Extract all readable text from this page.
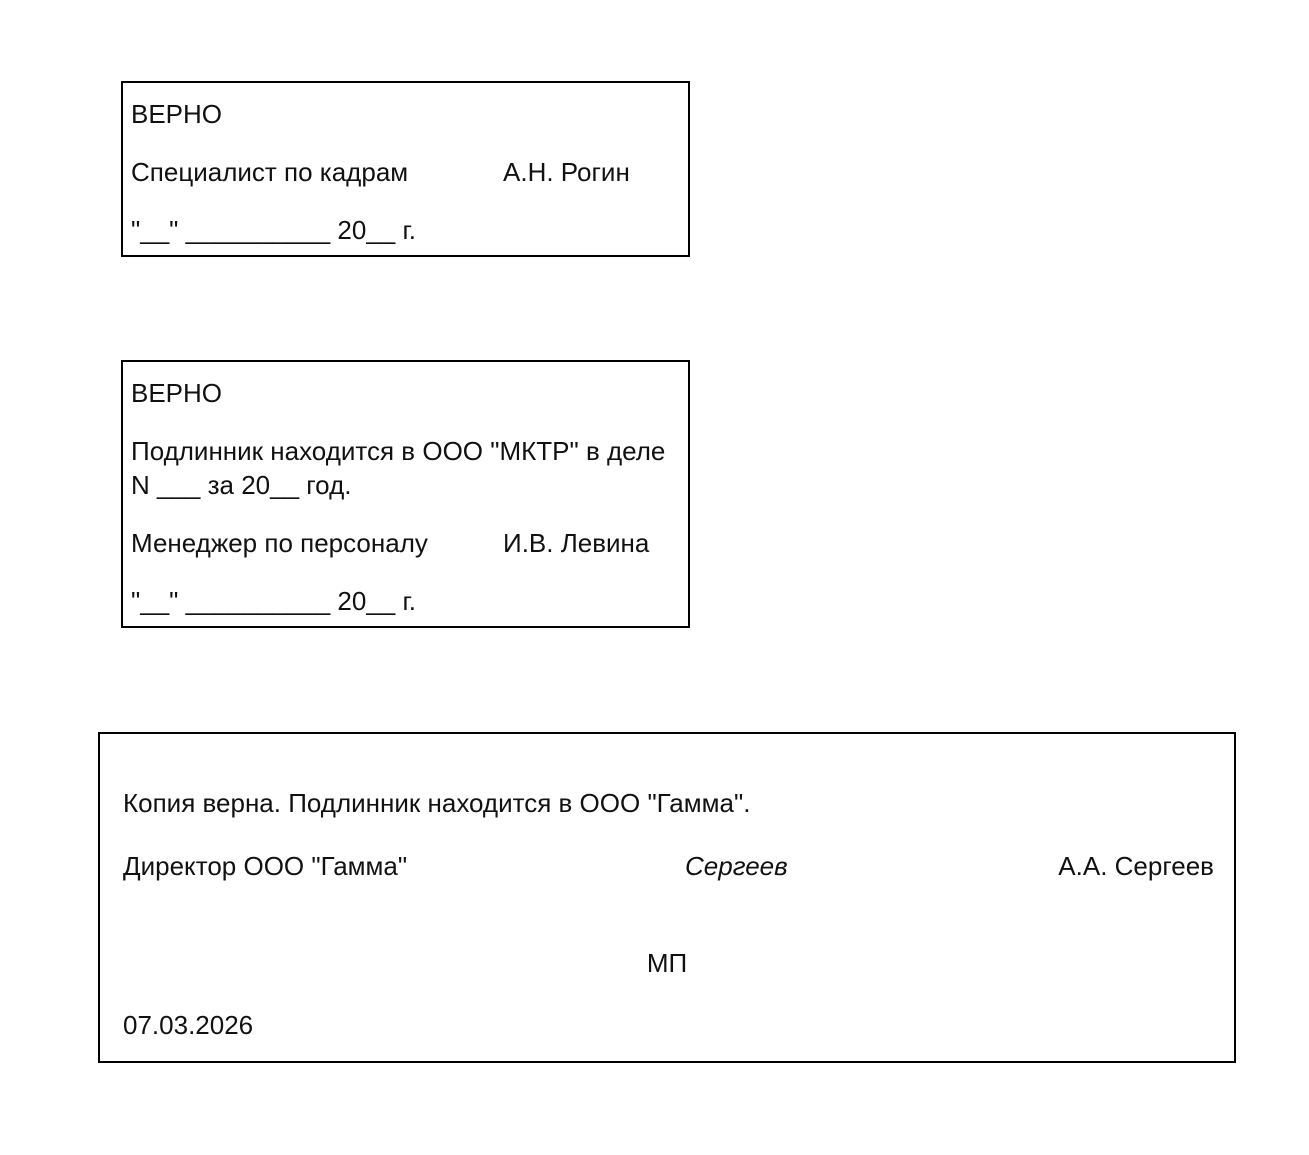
ВЕРНО
Специалист по кадрам	А.Н. Рогин
"__" __________ 20__ г.
ВЕРНО
Подлинник находится в ООО "МКТР" в деле
N ___ за 20__ год.
Менеджер по персоналу	И.В. Левина
"__" __________ 20__ г.
Копия верна. Подлинник находится в ООО "Гамма".
Директор ООО "Гамма"	Сергеев	А.А. Сергеев
МП
07.03.2026
